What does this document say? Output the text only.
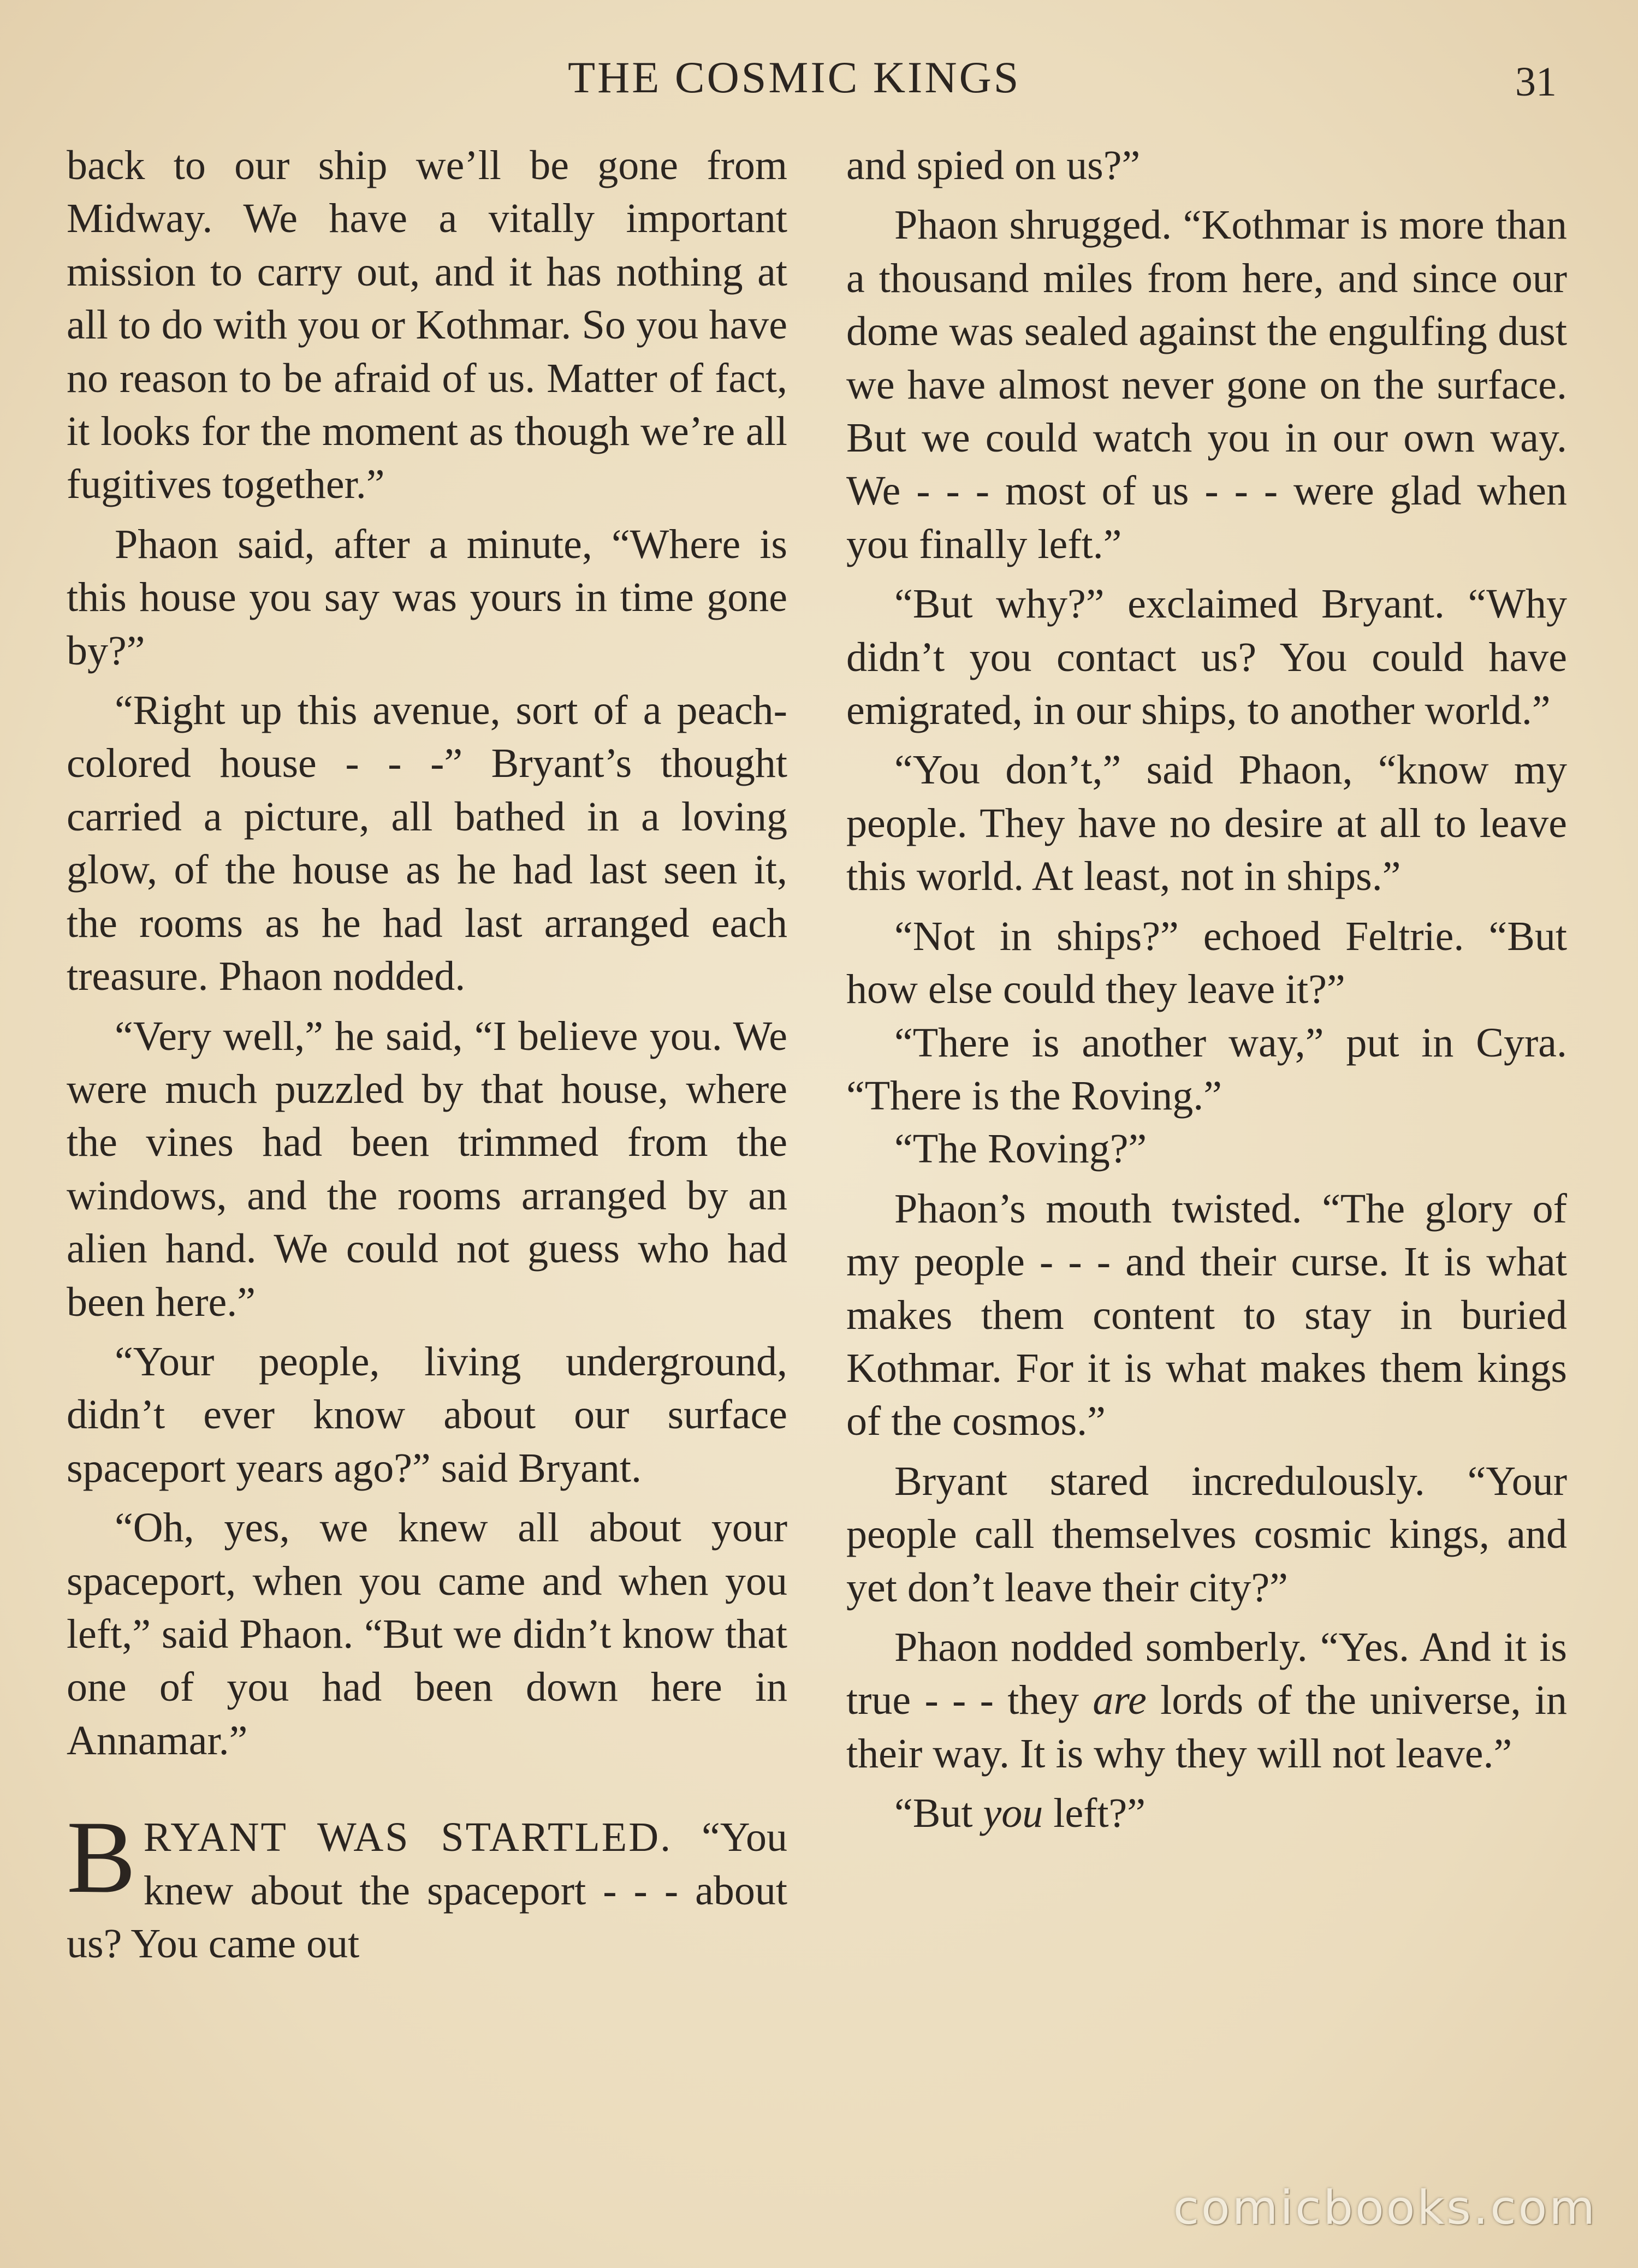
THE COSMIC KINGS	31

back to our ship we’ll be gone from Midway. We have a vitally important mission to carry out, and it has nothing at all to do with you or Kothmar. So you have no reason to be afraid of us. Matter of fact, it looks for the moment as though we’re all fugitives together.”

Phaon said, after a minute, “Where is this house you say was yours in time gone by?”

“Right up this avenue, sort of a peach-colored house - - -” Bryant’s thought carried a picture, all bathed in a loving glow, of the house as he had last seen it, the rooms as he had last arranged each treasure. Phaon nodded.

“Very well,” he said, “I believe you. We were much puzzled by that house, where the vines had been trimmed from the windows, and the rooms arranged by an alien hand. We could not guess who had been here.”

“Your people, living underground, didn’t ever know about our surface spaceport years ago?” said Bryant.

“Oh, yes, we knew all about your spaceport, when you came and when you left,” said Phaon. “But we didn’t know that one of you had been down here in Annamar.”

BRYANT WAS STARTLED. “You knew about the spaceport - - - about us? You came out

and spied on us?”

Phaon shrugged. “Kothmar is more than a thousand miles from here, and since our dome was sealed against the engulfing dust we have almost never gone on the surface. But we could watch you in our own way. We - - - most of us - - - were glad when you finally left.”

“But why?” exclaimed Bryant. “Why didn’t you contact us? You could have emigrated, in our ships, to another world.”

“You don’t,” said Phaon, “know my people. They have no desire at all to leave this world. At least, not in ships.”

“Not in ships?” echoed Feltrie. “But how else could they leave it?”

“There is another way,” put in Cyra. “There is the Roving.”

“The Roving?”

Phaon’s mouth twisted. “The glory of my people - - - and their curse. It is what makes them content to stay in buried Kothmar. For it is what makes them kings of the cosmos.”

Bryant stared incredulously. “Your people call themselves cosmic kings, and yet don’t leave their city?”

Phaon nodded somberly. “Yes. And it is true - - - they are lords of the universe, in their way. It is why they will not leave.”

“But you left?”

comicbooks.com
